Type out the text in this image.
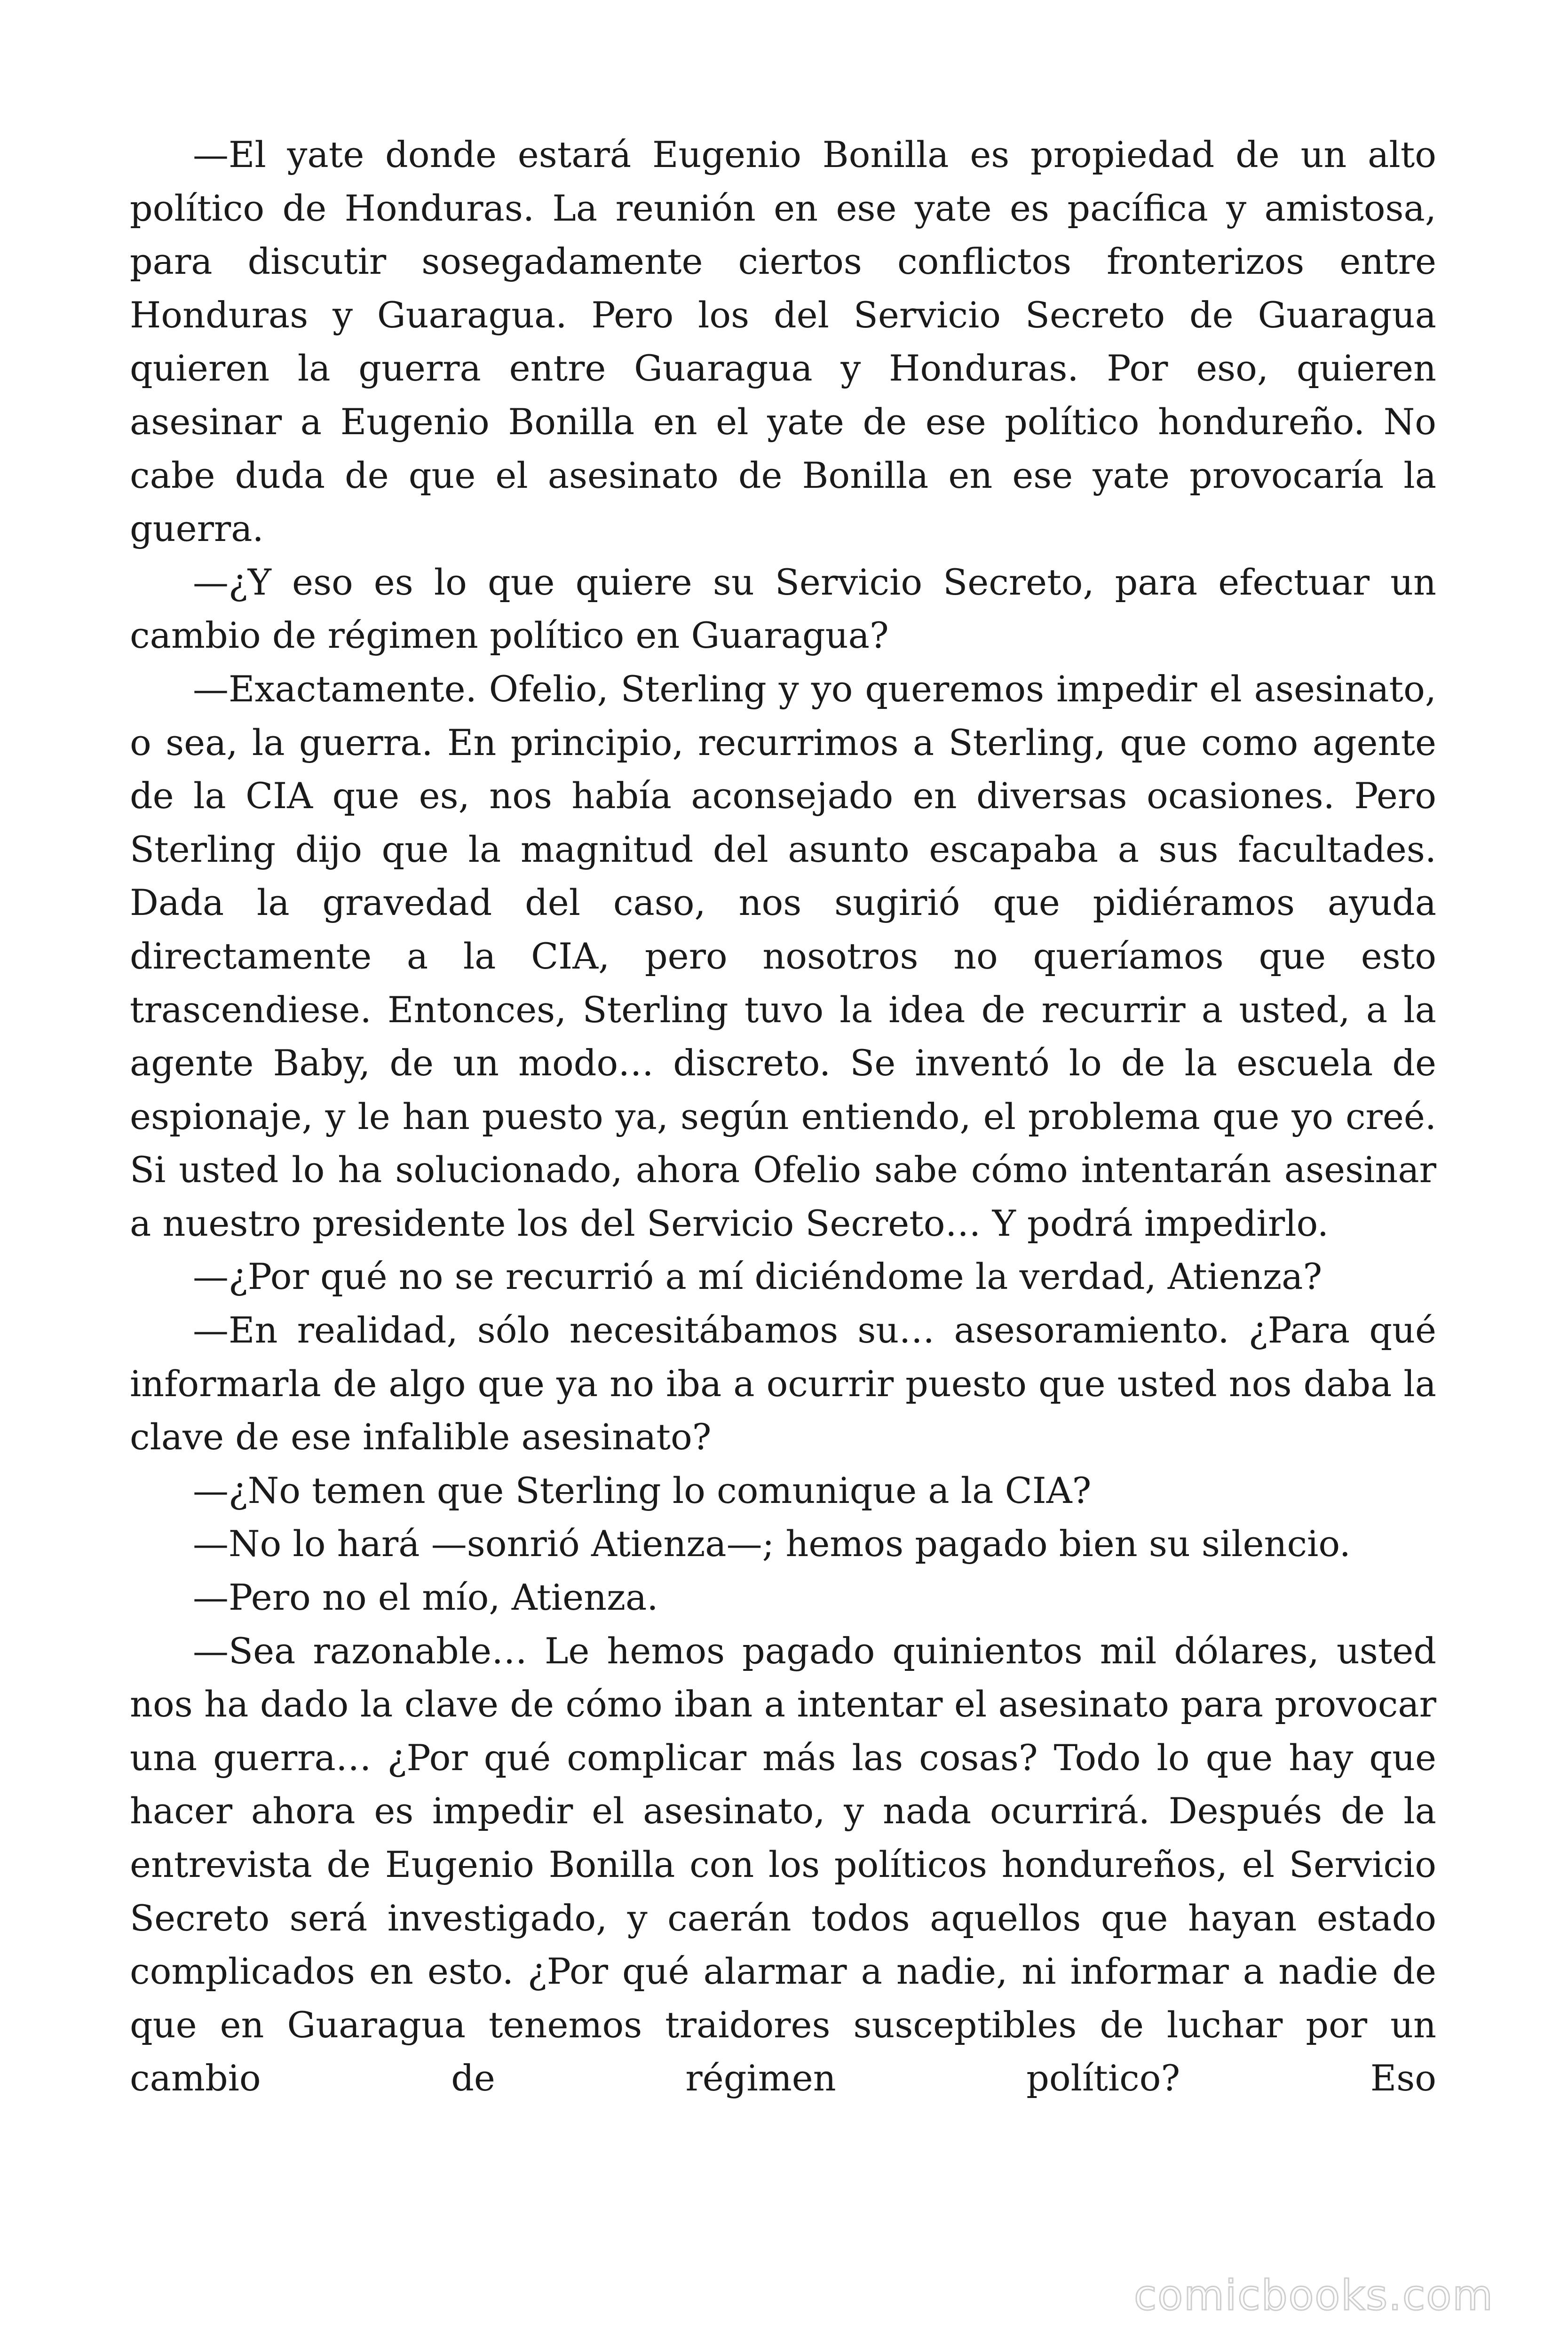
—El yate donde estará Eugenio Bonilla es propiedad de un alto político de Honduras. La reunión en ese yate es pacífica y amistosa, para discutir sosegadamente ciertos conflictos fronterizos entre Honduras y Guaragua. Pero los del Servicio Secreto de Guaragua quieren la guerra entre Guaragua y Honduras. Por eso, quieren asesinar a Eugenio Bonilla en el yate de ese político hondureño. No cabe duda de que el asesinato de Bonilla en ese yate provocaría la guerra.

—¿Y eso es lo que quiere su Servicio Secreto, para efectuar un cambio de régimen político en Guaragua?

—Exactamente. Ofelio, Sterling y yo queremos impedir el asesinato, o sea, la guerra. En principio, recurrimos a Sterling, que como agente de la CIA que es, nos había aconsejado en diversas ocasiones. Pero Sterling dijo que la magnitud del asunto escapaba a sus facultades. Dada la gravedad del caso, nos sugirió que pidiéramos ayuda directamente a la CIA, pero nosotros no queríamos que esto trascendiese. Entonces, Sterling tuvo la idea de recurrir a usted, a la agente Baby, de un modo… discreto. Se inventó lo de la escuela de espionaje, y le han puesto ya, según entiendo, el problema que yo creé. Si usted lo ha solucionado, ahora Ofelio sabe cómo intentarán asesinar a nuestro presidente los del Servicio Secreto… Y podrá impedirlo.

—¿Por qué no se recurrió a mí diciéndome la verdad, Atienza?

—En realidad, sólo necesitábamos su… asesoramiento. ¿Para qué informarla de algo que ya no iba a ocurrir puesto que usted nos daba la clave de ese infalible asesinato?

—¿No temen que Sterling lo comunique a la CIA?

—No lo hará —sonrió Atienza—; hemos pagado bien su silencio.

—Pero no el mío, Atienza.

—Sea razonable… Le hemos pagado quinientos mil dólares, usted nos ha dado la clave de cómo iban a intentar el asesinato para provocar una guerra… ¿Por qué complicar más las cosas? Todo lo que hay que hacer ahora es impedir el asesinato, y nada ocurrirá. Después de la entrevista de Eugenio Bonilla con los políticos hondureños, el Servicio Secreto será investigado, y caerán todos aquellos que hayan estado complicados en esto. ¿Por qué alarmar a nadie, ni informar a nadie de que en Guaragua tenemos traidores susceptibles de luchar por un cambio de régimen político? Eso

comicbooks.com
